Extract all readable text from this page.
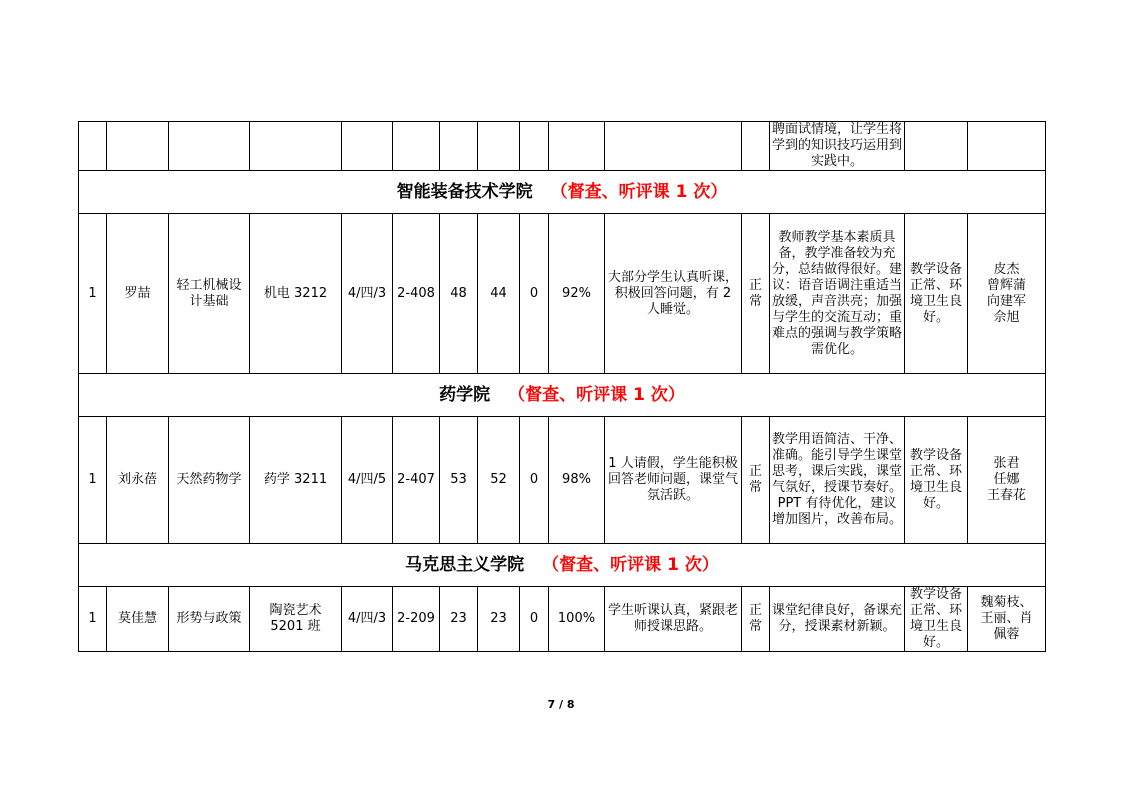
												聘面试情境，让学生将学到的知识技巧运用到实践中。		
智能装备技术学院 （督查、听评课 1 次）														
1	罗喆	轻工机械设计基础	机电 3212	4/四/3	2-408	48	44	0	92%	大部分学生认真听课，积极回答问题，有 2 人睡觉。	正常	教师教学基本素质具备，教学准备较为充分，总结做得很好。建议：语音语调注重适当放缓，声音洪亮；加强与学生的交流互动；重难点的强调与教学策略需优化。	教学设备正常、环境卫生良好。	皮杰
曾辉蒲
向建军
佘旭

药学院 （督查、听评课 1 次）														
1	刘永蓓	天然药物学	药学 3211	4/四/5	2-407	53	52	0	98%	1 人请假，学生能积极回答老师问题，课堂气氛活跃。	正常	教学用语简洁、干净、准确。能引导学生课堂思考，课后实践，课堂气氛好，授课节奏好。PPT 有待优化，建议增加图片，改善布局。	教学设备正常、环境卫生良好。	张君
任娜
王春花

马克思主义学院 （督查、听评课 1 次）														
1	莫佳慧	形势与政策	陶瓷艺术 5201 班	4/四/3	2-209	23	23	0	100%	学生听课认真，紧跟老师授课思路。	正常	课堂纪律良好，备课充分，授课素材新颖。	教学设备正常、环境卫生良好。	魏菊枝、
王丽、肖
佩蓉
7 / 8
